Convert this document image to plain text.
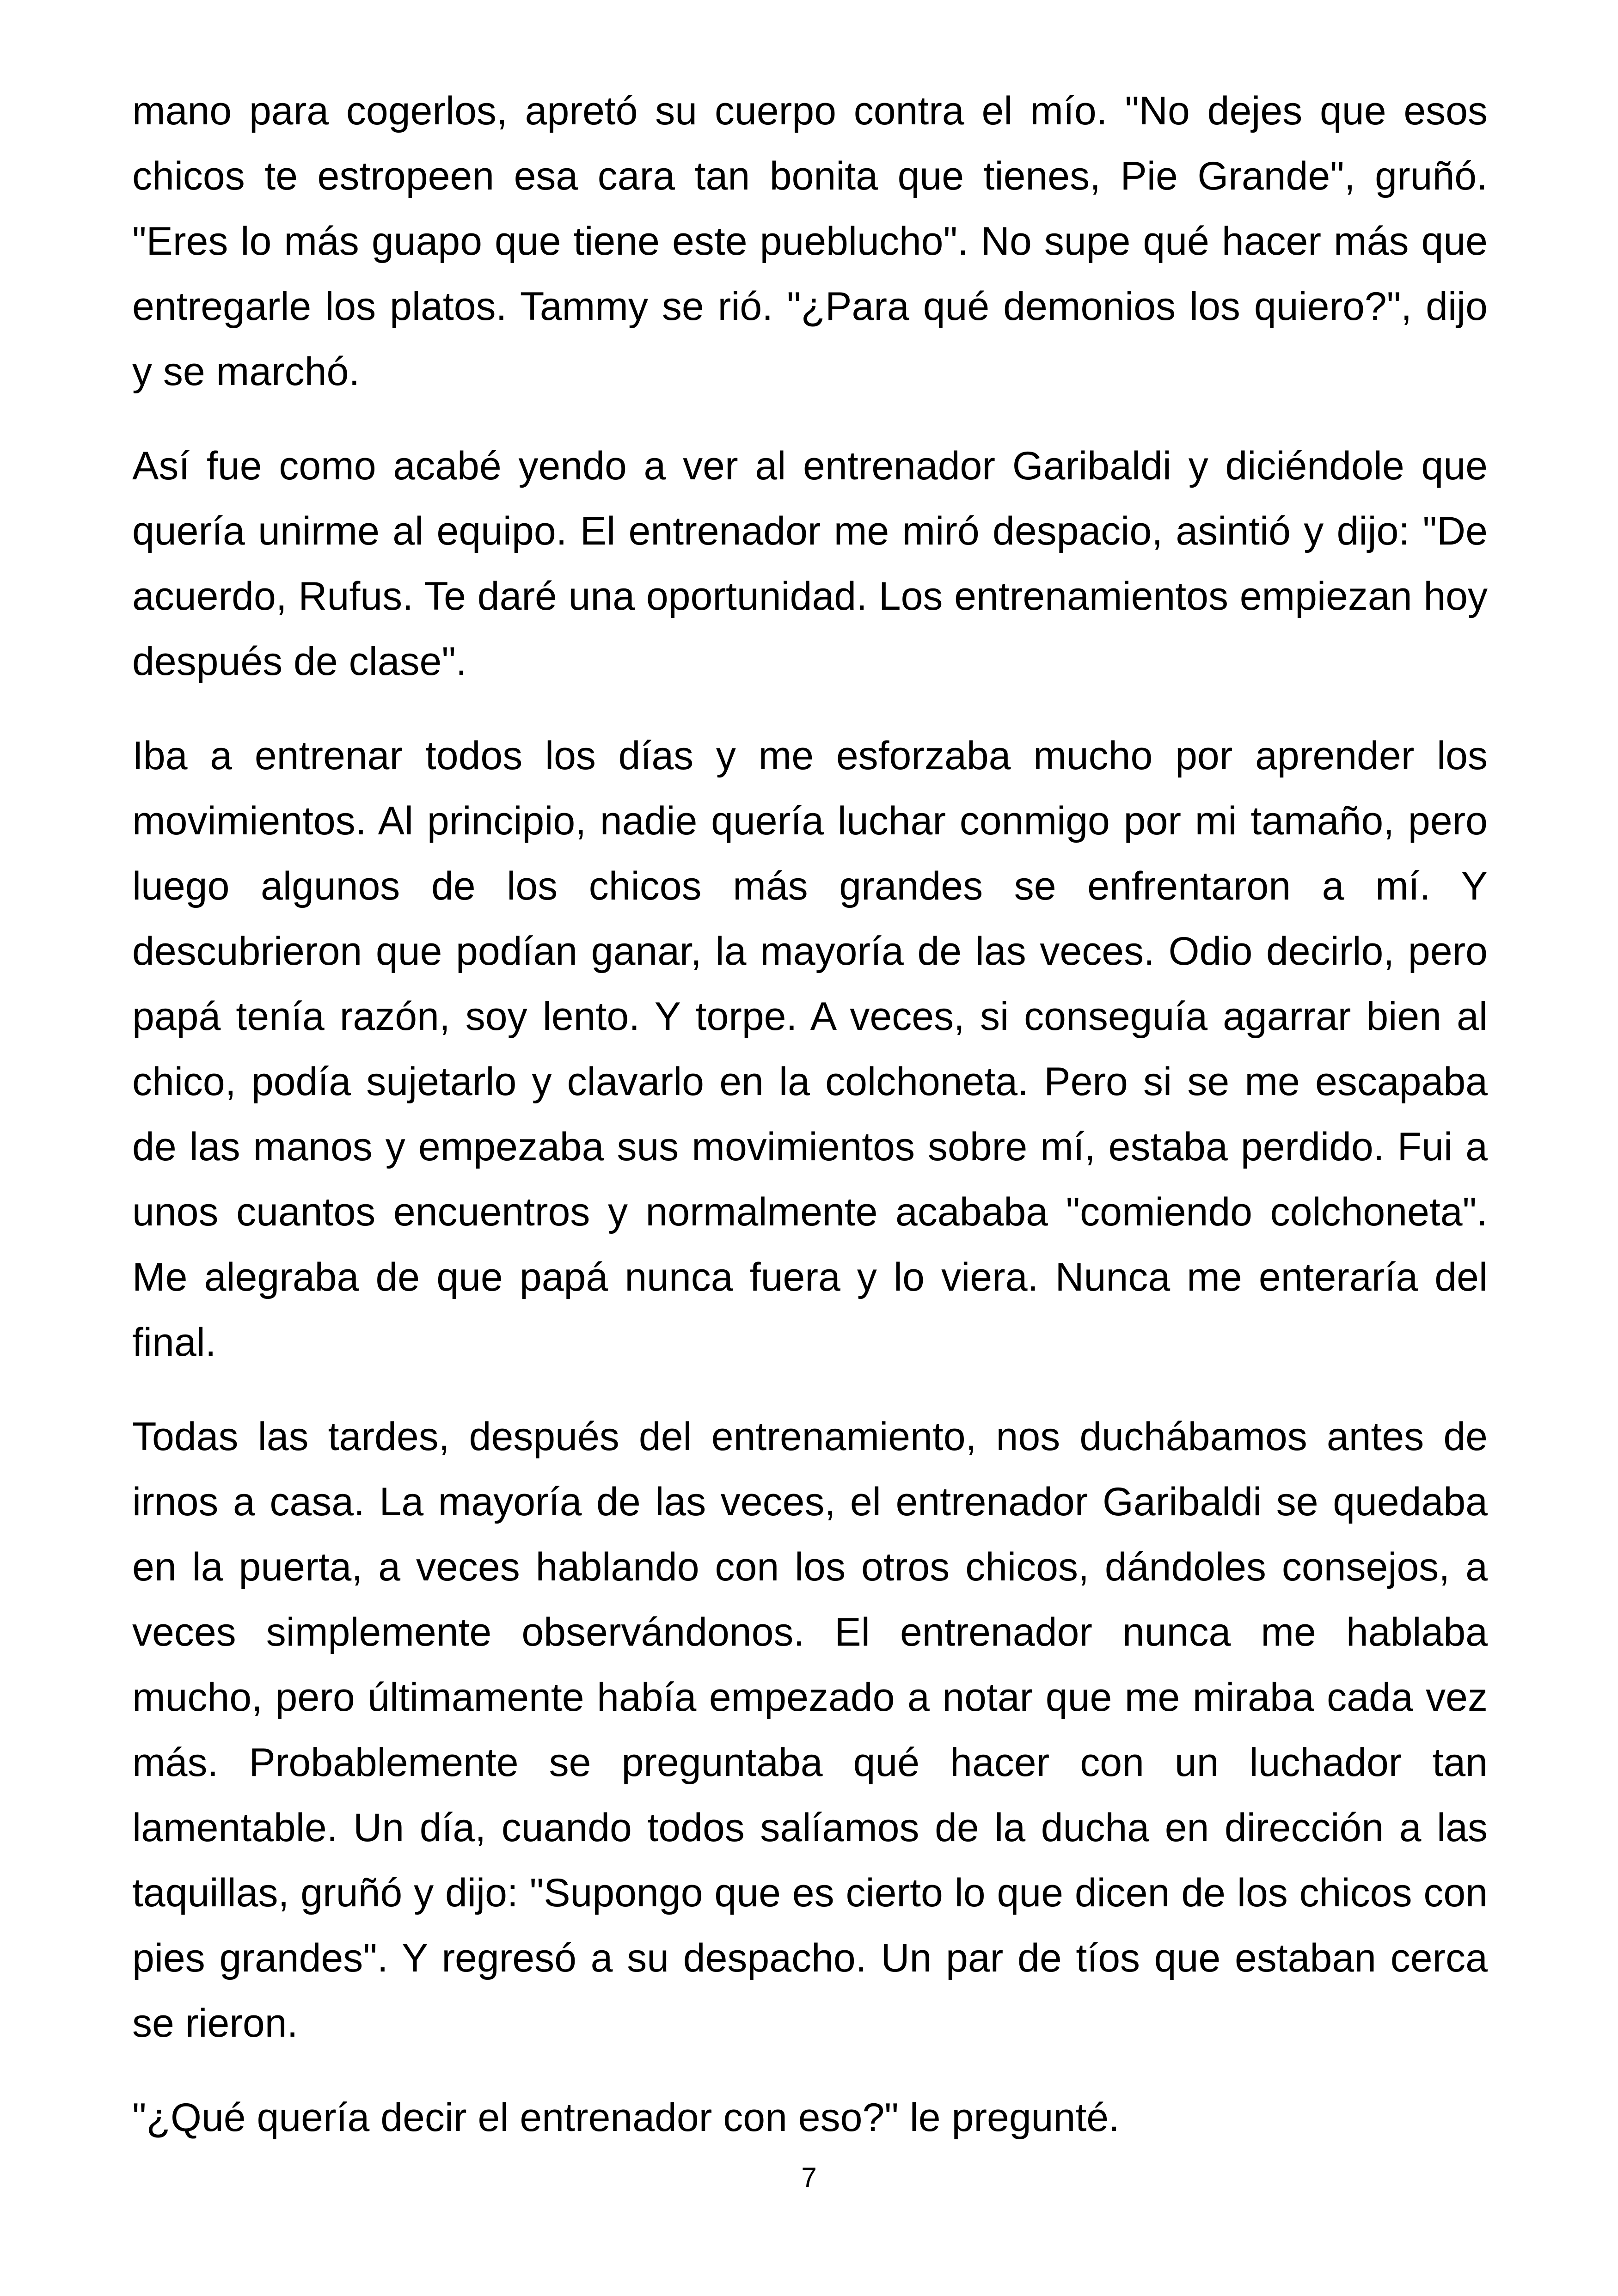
mano para cogerlos, apretó su cuerpo contra el mío. "No dejes que esos chicos te estropeen esa cara tan bonita que tienes, Pie Grande", gruñó. "Eres lo más guapo que tiene este pueblucho". No supe qué hacer más que entregarle los platos. Tammy se rió. "¿Para qué demonios los quiero?", dijo y se marchó.

Así fue como acabé yendo a ver al entrenador Garibaldi y diciéndole que quería unirme al equipo. El entrenador me miró despacio, asintió y dijo: "De acuerdo, Rufus. Te daré una oportunidad. Los entrenamientos empiezan hoy después de clase".

Iba a entrenar todos los días y me esforzaba mucho por aprender los movimientos. Al principio, nadie quería luchar conmigo por mi tamaño, pero luego algunos de los chicos más grandes se enfrentaron a mí. Y descubrieron que podían ganar, la mayoría de las veces. Odio decirlo, pero papá tenía razón, soy lento. Y torpe. A veces, si conseguía agarrar bien al chico, podía sujetarlo y clavarlo en la colchoneta. Pero si se me escapaba de las manos y empezaba sus movimientos sobre mí, estaba perdido. Fui a unos cuantos encuentros y normalmente acababa "comiendo colchoneta". Me alegraba de que papá nunca fuera y lo viera. Nunca me enteraría del final.

Todas las tardes, después del entrenamiento, nos duchábamos antes de irnos a casa. La mayoría de las veces, el entrenador Garibaldi se quedaba en la puerta, a veces hablando con los otros chicos, dándoles consejos, a veces simplemente observándonos. El entrenador nunca me hablaba mucho, pero últimamente había empezado a notar que me miraba cada vez más. Probablemente se preguntaba qué hacer con un luchador tan lamentable. Un día, cuando todos salíamos de la ducha en dirección a las taquillas, gruñó y dijo: "Supongo que es cierto lo que dicen de los chicos con pies grandes". Y regresó a su despacho. Un par de tíos que estaban cerca se rieron.

"¿Qué quería decir el entrenador con eso?" le pregunté.

7
